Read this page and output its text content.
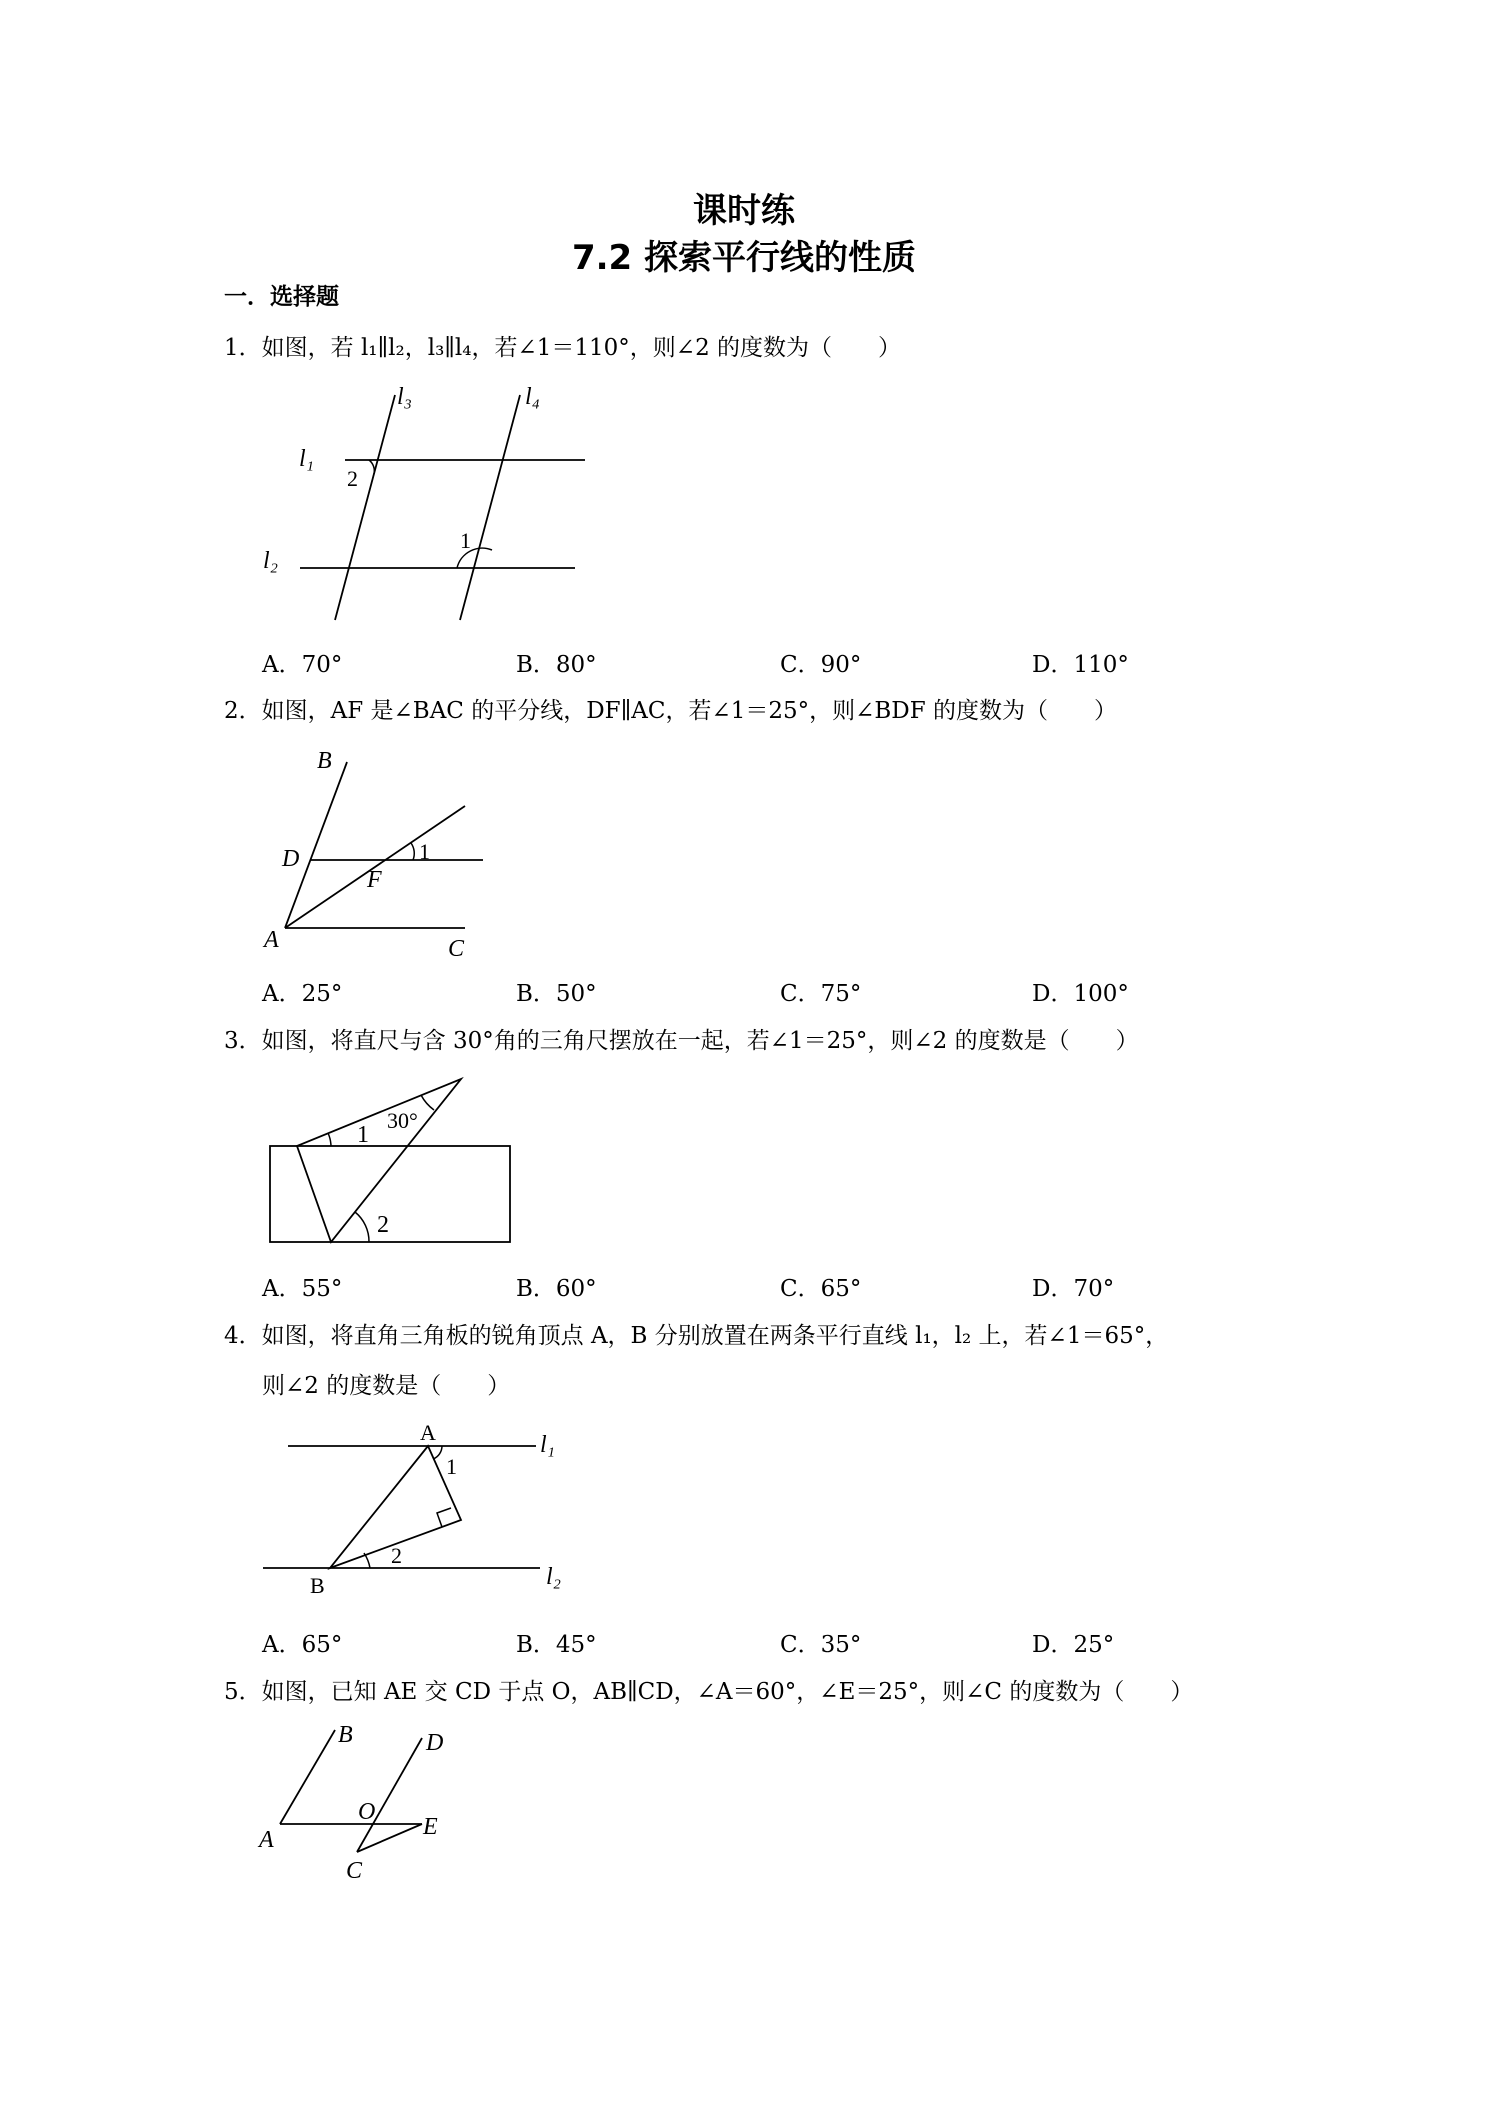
课时练
7.2 探索平行线的性质
一．选择题
1．如图，若 l₁∥l₂，l₃∥l₄，若∠1＝110°，则∠2 的度数为（　　）
l₃	l₄
l₁
l₂
2
1
A．70°	B．80°	C．90°	D．110°
2．如图，AF 是∠BAC 的平分线，DF∥AC，若∠1＝25°，则∠BDF 的度数为（　　）
B
D	1
F
A	C
A．25°	B．50°	C．75°	D．100°
3．如图，将直尺与含 30°角的三角尺摆放在一起，若∠1＝25°，则∠2 的度数是（　　）
1
30°
2
A．55°	B．60°	C．65°	D．70°
4．如图，将直角三角板的锐角顶点 A，B 分别放置在两条平行直线 l₁，l₂ 上，若∠1＝65°，
则∠2 的度数是（　　）
A	l₁
1
2
B	l₂
A．65°	B．45°	C．35°	D．25°
5．如图，已知 AE 交 CD 于点 O，AB∥CD，∠A＝60°，∠E＝25°，则∠C 的度数为（　　）
B	D
O
E
A
C
